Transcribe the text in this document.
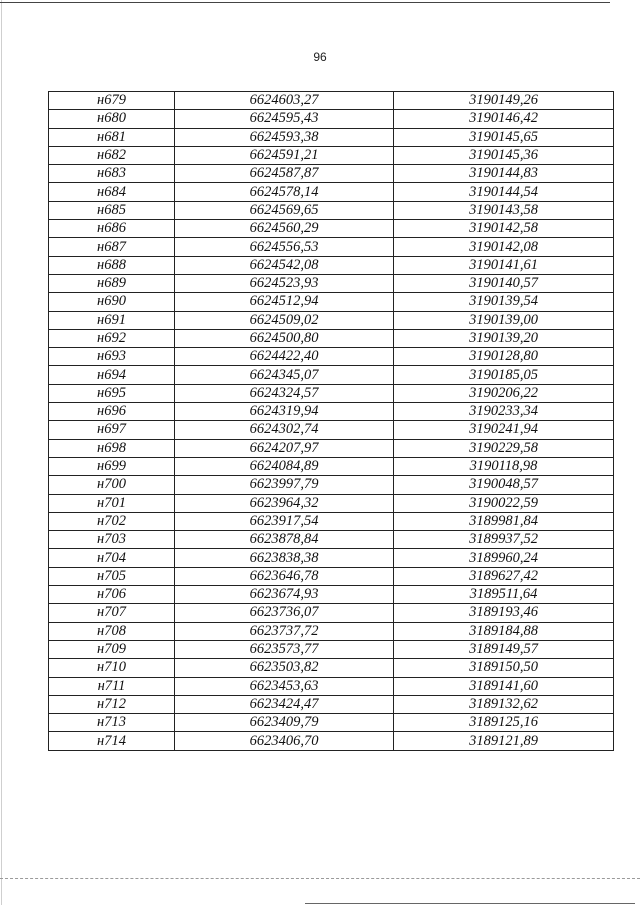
96
н679	6624603,27	3190149,26
н680	6624595,43	3190146,42
н681	6624593,38	3190145,65
н682	6624591,21	3190145,36
н683	6624587,87	3190144,83
н684	6624578,14	3190144,54
н685	6624569,65	3190143,58
н686	6624560,29	3190142,58
н687	6624556,53	3190142,08
н688	6624542,08	3190141,61
н689	6624523,93	3190140,57
н690	6624512,94	3190139,54
н691	6624509,02	3190139,00
н692	6624500,80	3190139,20
н693	6624422,40	3190128,80
н694	6624345,07	3190185,05
н695	6624324,57	3190206,22
н696	6624319,94	3190233,34
н697	6624302,74	3190241,94
н698	6624207,97	3190229,58
н699	6624084,89	3190118,98
н700	6623997,79	3190048,57
н701	6623964,32	3190022,59
н702	6623917,54	3189981,84
н703	6623878,84	3189937,52
н704	6623838,38	3189960,24
н705	6623646,78	3189627,42
н706	6623674,93	3189511,64
н707	6623736,07	3189193,46
н708	6623737,72	3189184,88
н709	6623573,77	3189149,57
н710	6623503,82	3189150,50
н711	6623453,63	3189141,60
н712	6623424,47	3189132,62
н713	6623409,79	3189125,16
н714	6623406,70	3189121,89
